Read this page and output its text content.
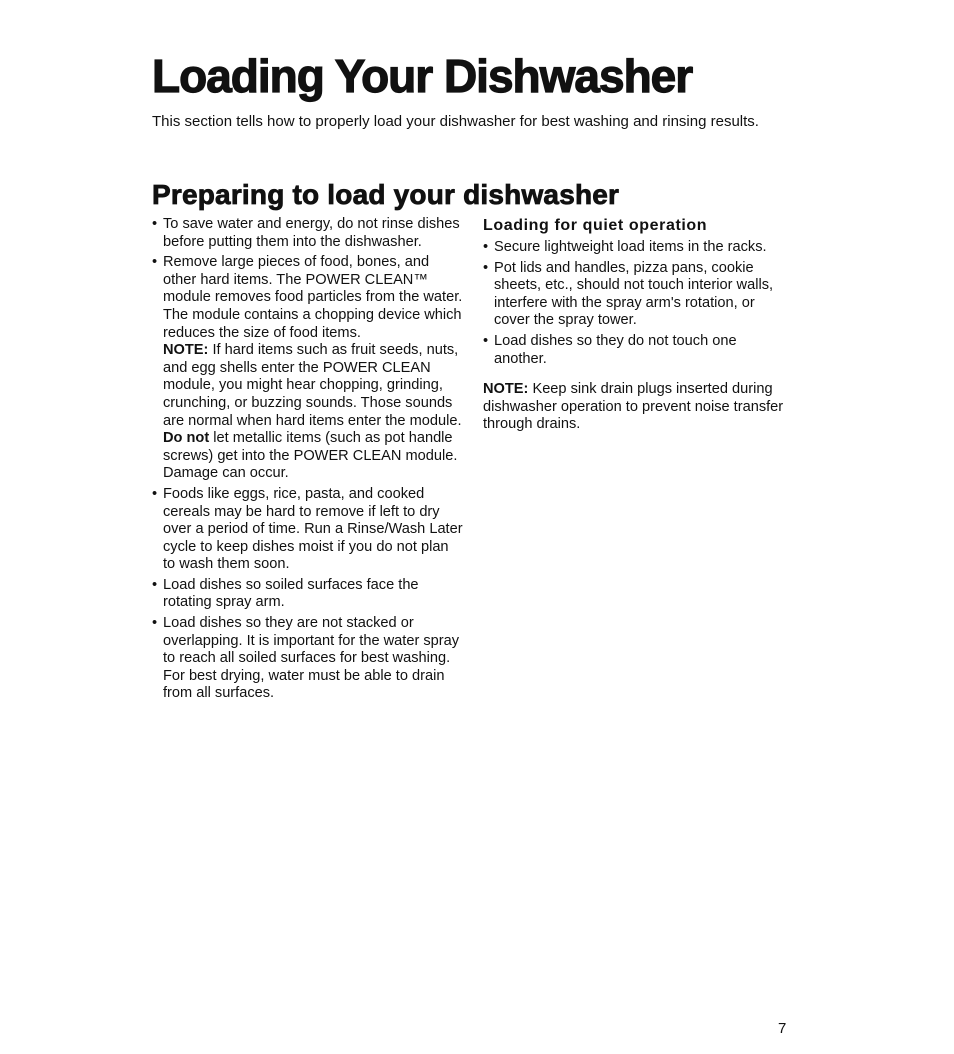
Loading Your Dishwasher

This section tells how to properly load your dishwasher for best washing and rinsing results.

Preparing to load your dishwasher
• To save water and energy, do not rinse dishes before putting them into the dishwasher.
• Remove large pieces of food, bones, and other hard items. The POWER CLEAN™ module removes food particles from the water. The module contains a chopping device which reduces the size of food items.
NOTE: If hard items such as fruit seeds, nuts, and egg shells enter the POWER CLEAN module, you might hear chopping, grinding, crunching, or buzzing sounds. Those sounds are normal when hard items enter the module. Do not let metallic items (such as pot handle screws) get into the POWER CLEAN module. Damage can occur.
• Foods like eggs, rice, pasta, and cooked cereals may be hard to remove if left to dry over a period of time. Run a Rinse/Wash Later cycle to keep dishes moist if you do not plan to wash them soon.
• Load dishes so soiled surfaces face the rotating spray arm.
• Load dishes so they are not stacked or overlapping. It is important for the water spray to reach all soiled surfaces for best washing. For best drying, water must be able to drain from all surfaces.
Loading for quiet operation
• Secure lightweight load items in the racks.
• Pot lids and handles, pizza pans, cookie sheets, etc., should not touch interior walls, interfere with the spray arm's rotation, or cover the spray tower.
• Load dishes so they do not touch one another.

NOTE: Keep sink drain plugs inserted during dishwasher operation to prevent noise transfer through drains.

7
